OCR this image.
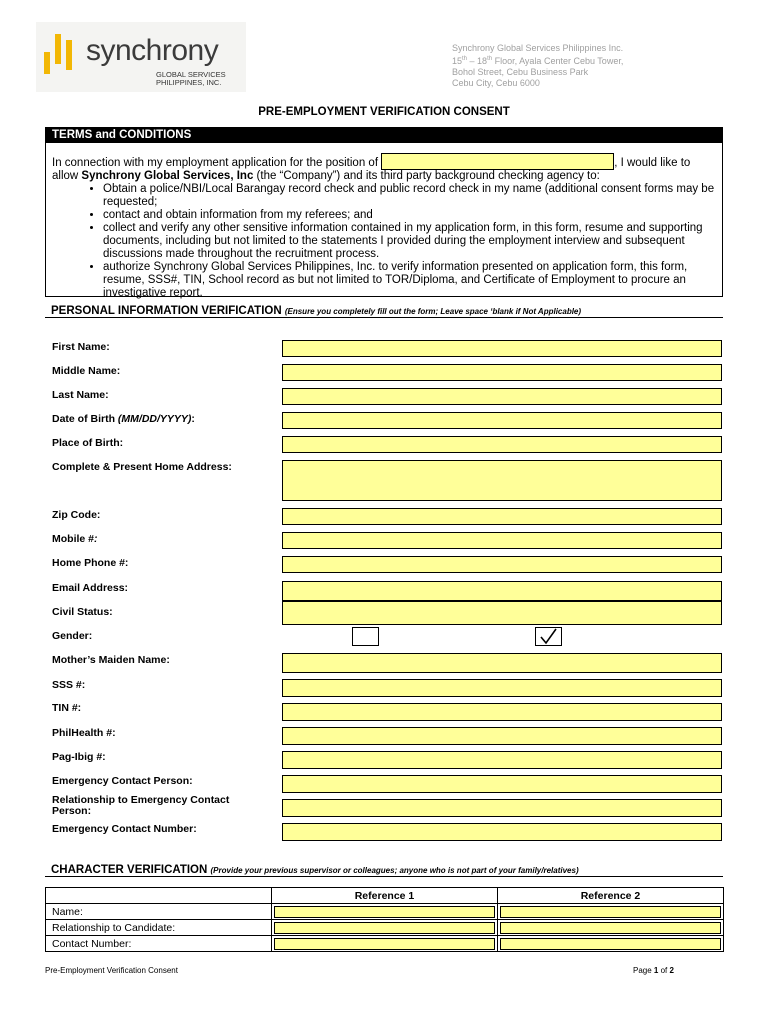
synchrony
GLOBAL SERVICES
PHILIPPINES, INC.
Synchrony Global Services Philippines Inc.
15th – 18th Floor, Ayala Center Cebu Tower,
Bohol Street, Cebu Business Park
Cebu City, Cebu 6000
PRE-EMPLOYMENT VERIFICATION CONSENT
TERMS and CONDITIONS
In connection with my employment application for the position of	, I would like to allow Synchrony Global Services, Inc (the “Company”) and its third party background checking agency to:
• Obtain a police/NBI/Local Barangay record check and public record check in my name (additional consent forms may be requested;
• contact and obtain information from my referees; and
• collect and verify any other sensitive information contained in my application form, in this form, resume and supporting documents, including but not limited to the statements I provided during the employment interview and subsequent discussions made throughout the recruitment process.
• authorize Synchrony Global Services Philippines, Inc. to verify information presented on application form, this form, resume, SSS#, TIN, School record as but not limited to TOR/Diploma, and Certificate of Employment to procure an investigative report.
PERSONAL INFORMATION VERIFICATION (Ensure you completely fill out the form; Leave space ‘blank if Not Applicable)
First Name:
Middle Name:
Last Name:
Date of Birth (MM/DD/YYYY):
Place of Birth:
Complete & Present Home Address:
Zip Code:
Mobile #:
Home Phone #:
Email Address:
Civil Status:
Gender:
Mother’s Maiden Name:
SSS #:
TIN #:
PhilHealth #:
Pag-Ibig #:
Emergency Contact Person:
Relationship to Emergency Contact Person:
Emergency Contact Number:
CHARACTER VERIFICATION (Provide your previous supervisor or colleagues; anyone who is not part of your family/relatives)
	Reference 1	Reference 2
Name:	

Relationship to Candidate:	

Contact Number:	

Pre-Employment Verification Consent	Page 1 of 2
